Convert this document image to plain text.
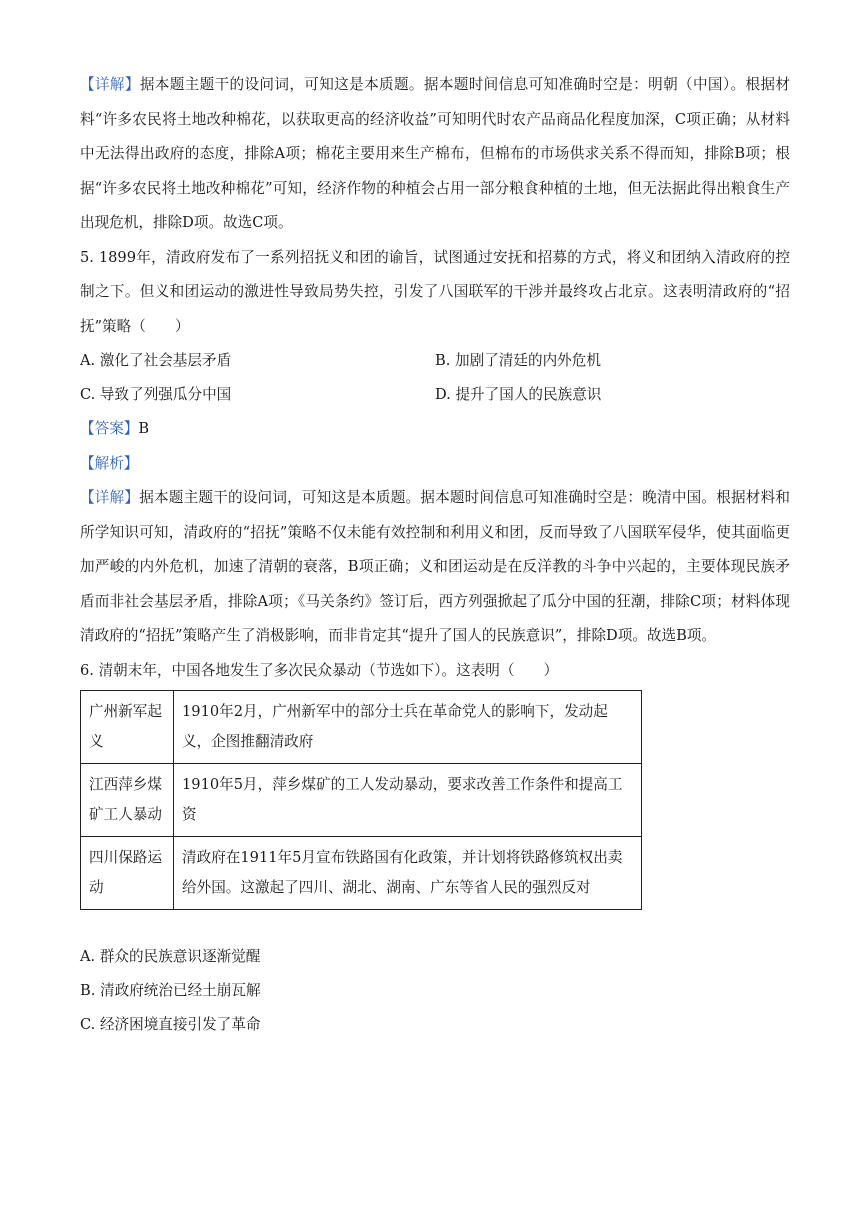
【详解】据本题主题干的设问词，可知这是本质题。据本题时间信息可知准确时空是：明朝（中国）。根据材料“许多农民将土地改种棉花，以获取更高的经济收益”可知明代时农产品商品化程度加深，C项正确；从材料中无法得出政府的态度，排除A项；棉花主要用来生产棉布，但棉布的市场供求关系不得而知，排除B项；根据“许多农民将土地改种棉花”可知，经济作物的种植会占用一部分粮食种植的土地，但无法据此得出粮食生产出现危机，排除D项。故选C项。

5. 1899年，清政府发布了一系列招抚义和团的谕旨，试图通过安抚和招募的方式，将义和团纳入清政府的控制之下。但义和团运动的激进性导致局势失控，引发了八国联军的干涉并最终攻占北京。这表明清政府的“招抚”策略（　　）

A. 激化了社会基层矛盾	B. 加剧了清廷的内外危机
C. 导致了列强瓜分中国	D. 提升了国人的民族意识

【答案】B

【解析】

【详解】据本题主题干的设问词，可知这是本质题。据本题时间信息可知准确时空是：晚清中国。根据材料和所学知识可知，清政府的“招抚”策略不仅未能有效控制和利用义和团，反而导致了八国联军侵华，使其面临更加严峻的内外危机，加速了清朝的衰落，B项正确；义和团运动是在反洋教的斗争中兴起的，主要体现民族矛盾而非社会基层矛盾，排除A项；《马关条约》签订后，西方列强掀起了瓜分中国的狂潮，排除C项；材料体现清政府的“招抚”策略产生了消极影响，而非肯定其“提升了国人的民族意识”，排除D项。故选B项。

6. 清朝末年，中国各地发生了多次民众暴动（节选如下）。这表明（　　）

广州新军起义	1910年2月，广州新军中的部分士兵在革命党人的影响下，发动起义，企图推翻清政府
江西萍乡煤矿工人暴动	1910年5月，萍乡煤矿的工人发动暴动，要求改善工作条件和提高工资
四川保路运动	清政府在1911年5月宣布铁路国有化政策，并计划将铁路修筑权出卖给外国。这激起了四川、湖北、湖南、广东等省人民的强烈反对
A. 群众的民族意识逐渐觉醒
B. 清政府统治已经土崩瓦解
C. 经济困境直接引发了革命
